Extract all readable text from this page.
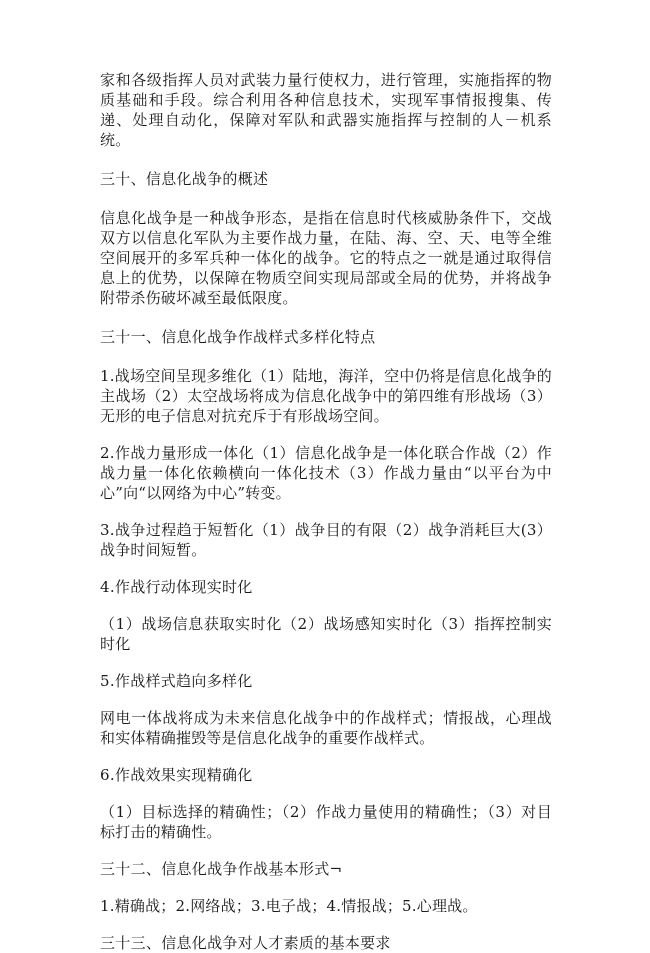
家和各级指挥人员对武装力量行使权力，进行管理，实施指挥的物质基础和手段。综合利用各种信息技术，实现军事情报搜集、传递、处理自动化，保障对军队和武器实施指挥与控制的人－机系统。

三十、信息化战争的概述

信息化战争是一种战争形态，是指在信息时代核威胁条件下，交战双方以信息化军队为主要作战力量，在陆、海、空、天、电等全维空间展开的多军兵种一体化的战争。它的特点之一就是通过取得信息上的优势，以保障在物质空间实现局部或全局的优势，并将战争附带杀伤破坏减至最低限度。

三十一、信息化战争作战样式多样化特点

1.战场空间呈现多维化（1）陆地，海洋，空中仍将是信息化战争的主战场（2）太空战场将成为信息化战争中的第四维有形战场（3）无形的电子信息对抗充斥于有形战场空间。

2.作战力量形成一体化（1）信息化战争是一体化联合作战（2）作战力量一体化依赖横向一体化技术（3）作战力量由“以平台为中心”向“以网络为中心”转变。

3.战争过程趋于短暂化（1）战争目的有限（2）战争消耗巨大(3）战争时间短暂。

4.作战行动体现实时化

（1）战场信息获取实时化（2）战场感知实时化（3）指挥控制实时化

5.作战样式趋向多样化

网电一体战将成为未来信息化战争中的作战样式；情报战，心理战和实体精确摧毁等是信息化战争的重要作战样式。

6.作战效果实现精确化

（1）目标选择的精确性；（2）作战力量使用的精确性；（3）对目标打击的精确性。

三十二、信息化战争作战基本形式¬

1.精确战；2.网络战；3.电子战；4.情报战；5.心理战。

三十三、信息化战争对人才素质的基本要求
